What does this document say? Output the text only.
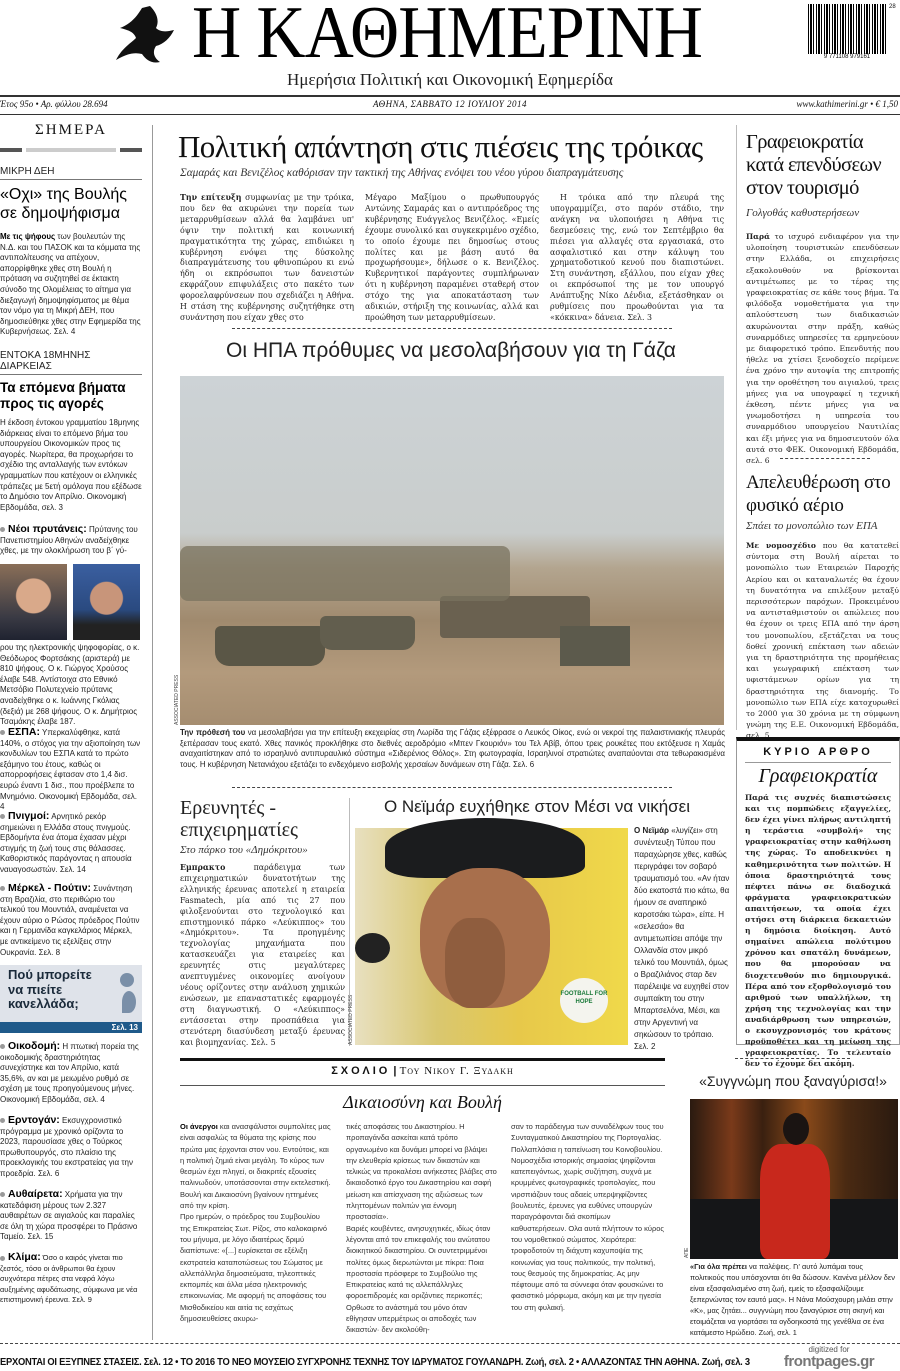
Η ΚΑΘΗΜΕΡΙΝΗ	9 771108 979161
28
Ημερήσια Πολιτική και Οικονομική Εφημερίδα
Έτος 95ο • Αρ. φύλλου 28.694	ΑΘΗΝΑ, ΣΑΒΒΑΤΟ 12 ΙΟΥΛΙΟΥ 2014	www.kathimerini.gr • € 1,50
ΣΗΜΕΡΑ
ΜΙΚΡΗ ΔΕΗ
«Οχι» της Βουλής σε δημοψήφισμα
Με τις ψήφους των βουλευτών της Ν.Δ. και του ΠΑΣΟΚ και τα κόμματα της αντιπολίτευσης να απέχουν, απορρίφθηκε χθες στη Βουλή η πρόταση να συζητηθεί σε έκτακτη σύνοδο της Ολομέλειας το αίτημα για διεξαγωγή δημοψηφίσματος με θέμα τον νόμο για τη Μικρή ΔΕΗ, που δημοσιεύθηκε χθες στην Εφημερίδα της Κυβερνήσεως. Σελ. 4
ΕΝΤΟΚΑ 18ΜΗΝΗΣ ΔΙΑΡΚΕΙΑΣ
Τα επόμενα βήματα προς τις αγορές
Η έκδοση έντοκου γραμματίου 18μηνης διάρκειας είναι το επόμενο βήμα του υπουργείου Οικονομικών προς τις αγορές. Νωρίτερα, θα προχωρήσει το σχέδιο της ανταλλαγής των εντόκων γραμματίων που κατέχουν οι ελληνικές τράπεζες με 5ετή ομόλογα που εξέδωσε το Δημόσιο τον Απρίλιο. Οικονομική Εβδομάδα, σελ. 3
Νέοι πρυτάνεις: Πρύτανης του Πανεπιστημίου Αθηνών αναδείχθηκε χθες, με την ολοκλήρωση του β΄ γύ-
ρου της ηλεκτρονικής ψηφοφορίας, ο κ. Θεόδωρος Φορτσάκης (αριστερά) με 810 ψήφους. Ο κ. Γιώργος Χρούσος έλαβε 548. Αντίστοιχα στο Εθνικό Μετσόβιο Πολυτεχνείο πρύτανις αναδείχθηκε ο κ. Ιωάννης Γκόλιας (δεξιά) με 268 ψήφους. Ο κ. Δημήτριος Τσαμάκης έλαβε 187.
ΕΣΠΑ: Υπερκαλύφθηκε, κατά 140%, ο στόχος για την αξιοποίηση των κονδυλίων του ΕΣΠΑ κατά το πρώτο εξάμηνο του έτους, καθώς οι απορροφήσεις έφτασαν στο 1,4 δισ. ευρώ έναντι 1 δισ., που προέβλεπε το Μνημόνιο. Οικονομική Εβδομάδα, σελ. 4
Πνιγμοί: Αρνητικό ρεκόρ σημειώνει η Ελλάδα στους πνιγμούς. Εβδομήντα ένα άτομα έχασαν μέχρι στιγμής τη ζωή τους στις θάλασσες. Καθοριστικός παράγοντας η απουσία ναυαγοσωστών. Σελ. 14
Μέρκελ - Πούτιν: Συνάντηση στη Βραζιλία, στο περιθώριο του τελικού του Μουντιάλ, αναμένεται να έχουν αύριο ο Ρώσος πρόεδρος Πούτιν και η Γερμανίδα καγκελάριος Μέρκελ, με αντικείμενο τις εξελίξεις στην Ουκρανία. Σελ. 8
Πού μπορείτε να πιείτε κανελλάδα;
Σελ. 13
Οικοδομή: Η πτωτική πορεία της οικοδομικής δραστηριότητας συνεχίστηκε και τον Απρίλιο, κατά 35,6%, αν και με μειωμένο ρυθμό σε σχέση με τους προηγούμενους μήνες. Οικονομική Εβδομάδα, σελ. 4
Ερντογάν: Εκσυγχρονιστικό πρόγραμμα με χρονικό ορίζοντα το 2023, παρουσίασε χθες ο Τούρκος πρωθυπουργός, στο πλαίσιο της προεκλογικής του εκστρατείας για την προεδρία. Σελ. 6
Αυθαίρετα: Χρήματα για την κατεδάφιση μέρους των 2.327 αυθαιρέτων σε αιγιαλούς και παραλίες σε όλη τη χώρα προσφέρει το Πράσινο Ταμείο. Σελ. 15
Κλίμα: Όσο ο καιρός γίνεται πιο ζεστός, τόσο οι άνθρωποι θα έχουν συχνότερα πέτρες στα νεφρά λόγω αυξημένης αφυδάτωσης, σύμφωνα με νέα επιστημονική έρευνα. Σελ. 9
Πολιτική απάντηση στις πιέσεις της τρόικας
Σαμαράς και Βενιζέλος καθόρισαν την τακτική της Αθήνας ενόψει του νέου γύρου διαπραγμάτευσης
Την επίτευξη συμφωνίας με την τρόικα, που δεν θα ακυρώνει την πορεία των μεταρρυθμίσεων αλλά θα λαμβάνει υπ' όψιν την πολιτική και κοινωνική πραγματικότητα της χώρας, επιδιώκει η κυβέρνηση ενόψει της δύσκολης διαπραγμάτευσης του φθινοπώρου κι ενώ ήδη οι εκπρόσωποι των δανειστών εκφράζουν επιφυλάξεις στο πακέτο των φοροελαφρύνσεων που σχεδιάζει η Αθήνα. Η στάση της κυβέρνησης συζητήθηκε στη συνάντηση που είχαν χθες στο
Μέγαρο Μαξίμου ο πρωθυπουργός Αντώνης Σαμαράς και ο αντιπρόεδρος της κυβέρνησης Ευάγγελος Βενιζέλος. «Εμείς έχουμε συνολικό και συγκεκριμένο σχέδιο, το οποίο έχουμε πει δημοσίως στους πολίτες και με βάση αυτό θα προχωρήσουμε», δήλωσε ο κ. Βενιζέλος. Κυβερνητικοί παράγοντες συμπλήρωναν ότι η κυβέρνηση παραμένει σταθερή στον στόχο της για αποκατάσταση των αδικιών, στήριξη της κοινωνίας, αλλά και προώθηση των μεταρρυθμίσεων.
Η τρόικα από την πλευρά της υπογραμμίζει, στο παρόν στάδιο, την ανάγκη να υλοποιήσει η Αθήνα τις δεσμεύσεις της, ενώ τον Σεπτέμβριο θα πιέσει για αλλαγές στα εργασιακά, στο ασφαλιστικό και στην κάλυψη του χρηματοδοτικού κενού που διαπιστώνει. Στη συνάντηση, εξάλλου, που είχαν χθες οι εκπρόσωποί της με τον υπουργό Ανάπτυξης Νίκο Δένδια, εξετάσθηκαν οι ρυθμίσεις που προωθούνται για τα «κόκκινα» δάνεια. Σελ. 3
Οι ΗΠΑ πρόθυμες να μεσολαβήσουν για τη Γάζα
ASSOCIATED PRESS
Την πρόθεσή του να μεσολαβήσει για την επίτευξη εκεχειρίας στη Λωρίδα της Γάζας εξέφρασε ο Λευκός Οίκος, ενώ οι νεκροί της παλαιστινιακής πλευράς ξεπέρασαν τους εκατό. Χθες πανικός προκλήθηκε στο διεθνές αεροδρόμιο «Μπεν Γκουριόν» του Τελ Αβίβ, όπου τρεις ρουκέτες που εκτόξευσε η Χαμάς αναχαιτίστηκαν από το ισραηλινό αντιπυραυλικό σύστημα «Σιδερένιος Θόλος». Στη φωτογραφία, Ισραηλινοί στρατιώτες αναπαύονται στα τεθωρακισμένα τους. Η κυβέρνηση Νετανιάχου εξετάζει το ενδεχόμενο εισβολής χερσαίων δυνάμεων στη Γάζα. Σελ. 6
Ερευνητές - επιχειρηματίες
Στο πάρκο του «Δημόκριτου»
Εμπρακτο παράδειγμα των επιχειρηματικών δυνατοτήτων της ελληνικής έρευνας αποτελεί η εταιρεία Fasmatech, μία από τις 27 που φιλοξενούνται στο τεχνολογικό και επιστημονικό πάρκο «Λεύκιππος» του «Δημόκριτου». Τα προηγμένης τεχνολογίας μηχανήματα που κατασκευάζει για εταιρείες και ερευνητές στις μεγαλύτερες ανεπτυγμένες οικονομίες ανοίγουν νέους ορίζοντες στην ανάλυση χημικών ενώσεων, με επαναστατικές εφαρμογές στη διαγνωστική. Ο «Λεύκιππος» εντάσσεται στην προσπάθεια για στενότερη διασύνδεση μεταξύ έρευνας και βιομηχανίας. Σελ. 5
Ο Νεϊμάρ ευχήθηκε στον Μέσι να νικήσει
FOOTBALL FOR HOPE
ASSOCIATED PRESS
Ο Νεϊμάρ «λυγίζει» στη συνέντευξη Τύπου που παραχώρησε χθες, καθώς περιγράφει τον σοβαρό τραυματισμό του. «Αν ήταν δύο εκατοστά πιο κάτω, θα ήμουν σε αναπηρικό καροτσάκι τώρα», είπε. Η «σελεσάο» θα αντιμετωπίσει απόψε την Ολλανδία στον μικρό τελικό του Μουντιάλ, όμως ο Βραζιλιάνος σταρ δεν παρέλειψε να ευχηθεί στον συμπαίκτη του στην Μπαρτσελόνα, Μέσι, και στην Αργεντινή να σηκώσουν το τρόπαιο. Σελ. 2
Γραφειοκρατία κατά επενδύσεων στον τουρισμό
Γολγοθάς καθυστερήσεων
Παρά το ισχυρό ενδιαφέρον για την υλοποίηση τουριστικών επενδύσεων στην Ελλάδα, οι επιχειρήσεις εξακολουθούν να βρίσκονται αντιμέτωπες με το τέρας της γραφειοκρατίας σε κάθε τους βήμα. Τα φιλόδοξα νομοθετήματα για την απλούστευση των διαδικασιών ακυρώνονται στην πράξη, καθώς συναρμόδιες υπηρεσίες τα ερμηνεύουν με διαφορετικό τρόπο. Επενδυτής που ήθελε να χτίσει ξενοδοχείο περίμενε ένα χρόνο την αυτοψία της επιτροπής για την οροθέτηση του αιγιαλού, τρεις μήνες για να υπογραφεί η τεχνική έκθεση, πέντε μήνες για να γνωμοδοτήσει η υπηρεσία του συναρμόδιου υπουργείου Ναυτιλίας και έξι μήνες για να δημοσιευτούν όλα αυτά στο ΦΕΚ. Οικονομική Εβδομάδα, σελ. 6
Απελευθέρωση στο φυσικό αέριο
Σπάει το μονοπώλιο των ΕΠΑ
Με νομοσχέδιο που θα κατατεθεί σύντομα στη Βουλή αίρεται το μονοπώλιο των Εταιρειών Παροχής Αερίου και οι καταναλωτές θα έχουν τη δυνατότητα να επιλέξουν μεταξύ περισσότερων παρόχων. Προκειμένου να αντισταθμιστούν οι απώλειες που θα έχουν οι τρεις ΕΠΑ από την άρση του μονοπωλίου, εξετάζεται να τους δοθεί χρονική επέκταση των αδειών για τη δραστηριότητα της προμήθειας και γεωγραφική επέκταση των υφιστάμενων ορίων για τη δραστηριότητα της διανομής. Το μονοπώλιο των ΕΠΑ είχε κατοχυρωθεί το 2000 για 30 χρόνια με τη σύμφωνη γνώμη της Ε.Ε. Οικονομική Εβδομάδα, σελ. 5
ΚΥΡΙΟ ΑΡΘΡΟ
Γραφειοκρατία
Παρά τις συχνές διαπιστώσεις και τις πομπώδεις εξαγγελίες, δεν έχει γίνει πλήρως αντιληπτή η τεράστια «συμβολή» της γραφειοκρατίας στην καθήλωση της χώρας. Το αποδεικνύει η καθημερινότητα των πολιτών. Η όποια δραστηριότητά τους πέφτει πάνω σε διαδοχικά φράγματα γραφειοκρατικών απαιτήσεων, τα οποία έχει στήσει στη διάρκεια δεκαετιών η δημόσια διοίκηση. Αυτό σημαίνει απώλεια πολύτιμου χρόνου και σπατάλη δυνάμεων, που θα μπορούσαν να διοχετευθούν πιο δημιουργικά. Πέρα από τον εξορθολογισμό του αριθμού των υπαλλήλων, τη χρήση της τεχνολογίας και την αναδιάρθρωση των υπηρεσιών, ο εκσυγχρονισμός του κράτους προϋποθέτει και τη μείωση της γραφειοκρατίας. Το τελευταίο δεν το έχουμε δει ακόμη.
ΣΧΟΛΙΟ | Του Νικου Γ. Ξυδακη
Δικαιοσύνη και Βουλή
Οι άνεργοι και ανασφάλιστοι συμπολίτες μας είναι ασφαλώς τα θύματα της κρίσης που πρώτα μας έρχονται στον νου. Εντούτοις, και η πολιτική ζημιά είναι μεγάλη. Το κύρος των θεσμών έχει πληγεί, οι διακριτές εξουσίες παλινωδούν, υποτάσσονται στην εκτελεστική. Βουλή και Δικαιοσύνη βγαίνουν ηττημένες από την κρίση.
Προ ημερών, ο πρόεδρος του Συμβουλίου της Επικρατείας Σωτ. Ρίζος, στο καλοκαιρινό του μήνυμα, με λόγο ιδιαιτέρως δριμύ διαπίστωνε: «[...] ευρίσκεται σε εξέλιξη εκστρατεία καταποτώσεως του Σώματος με αλλεπάλληλα δημοσιεύματα, τηλεοπτικές εκπομπές και άλλα μέσα ηλεκτρονικής επικοινωνίας. Με αφορμή τις αποφάσεις του Μισθοδικείου και αιτία τις εσχάτως δημοσιευθείσες ακυρω-
τικές αποφάσεις του Δικαστηρίου. Η προπαγάνδα ασκείται κατά τρόπο οργανωμένο και δυνάμει μπορεί να βλάψει την ελευθερία κρίσεως των δικαστών και τελικώς να προκαλέσει ανήκεστες βλάβες στο δικαιοδοτικό έργο του Δικαστηρίου και σαφή μείωση και απίσχναση της αξιώσεως των πληττομένων πολιτών για έννομη προστασία».
Βαριές κουβέντες, ανησυχητικές, ιδίως όταν λέγονται από τον επικεφαλής του ανώτατου διοικητικού δικαστηρίου. Οι συντετριμμένοι πολίτες όμως διερωτώνται με πίκρα: Ποια προστασία πρόσφερε το Συμβούλιο της Επικρατείας κατά τις αλλεπάλληλες φοροεπιδρομές και οριζόντιες περικοπές; Ορθωσε το ανάστημά του μόνο όταν εθίγησαν υπερμέτρως οι αποδοχές των δικαστών· δεν ακολούθη-
σαν το παράδειγμα των συναδέλφων τους του Συνταγματικού Δικαστηρίου της Πορτογαλίας.
Πολλαπλάσια η ταπείνωση του Κοινοβουλίου. Νομοσχέδια ιστορικής σημασίας ψηφίζονται κατεπειγόντως, χωρίς συζήτηση, συχνά με κρυμμένες φωτογραφικές τροπολογίες, που νιρσπιάζουν τους αδαείς υπερψηφίζοντες βουλευτές, έρευνες για ευθύνες υπουργών παραγράφονται διά σκοπίμων καθυστερήσεων. Ολα αυτά πλήττουν το κύρος του νομοθετικού σώματος. Χειρότερα: τροφοδοτούν τη διάχυτη καχυποψία της κοινωνίας για τους πολιτικούς, την πολιτική, τους θεσμούς της δημοκρατίας. Ας μην πέφτουμε από τα σύννεφα όταν φουσκώνει το φασιστικό μόρφωμα, ακόμη και με την ηγεσία του στη φυλακή.
«Συγγνώμη που ξαναγύρισα!»
ΑΠΕ
«Για όλα πρέπει να παλέψεις. Γι' αυτό λυπάμαι τους πολιτικούς που υπόσχονται ότι θα δώσουν. Κανένα μέλλον δεν είναι εξασφαλισμένο στη ζωή, εμείς το εξασφαλίζουμε ξεπερνώντας τον εαυτό μας». Η Νάνα Μούσχουρη μιλάει στην «Κ», μας ζητάει... συγγνώμη που ξαναγύρισε στη σκηνή και ετοιμάζεται να γιορτάσει τα ογδοηκοστά της γενέθλια σε ένα κατάμεστο Ηρώδειο. Ζωή, σελ. 1
ΕΡΧΟΝΤΑΙ ΟΙ ΕΞΥΠΝΕΣ ΣΤΑΣΕΙΣ. Σελ. 12 • ΤΟ 2016 ΤΟ ΝΕΟ ΜΟΥΣΕΙΟ ΣΥΓΧΡΟΝΗΣ ΤΕΧΝΗΣ ΤΟΥ ΙΔΡΥΜΑΤΟΣ ΓΟΥΛΑΝΔΡΗ. Ζωή, σελ. 2 • ΑΛΛΑΖΟΝΤΑΣ ΤΗΝ ΑΘΗΝΑ. Ζωή, σελ. 3
digitized for
frontpages.gr
